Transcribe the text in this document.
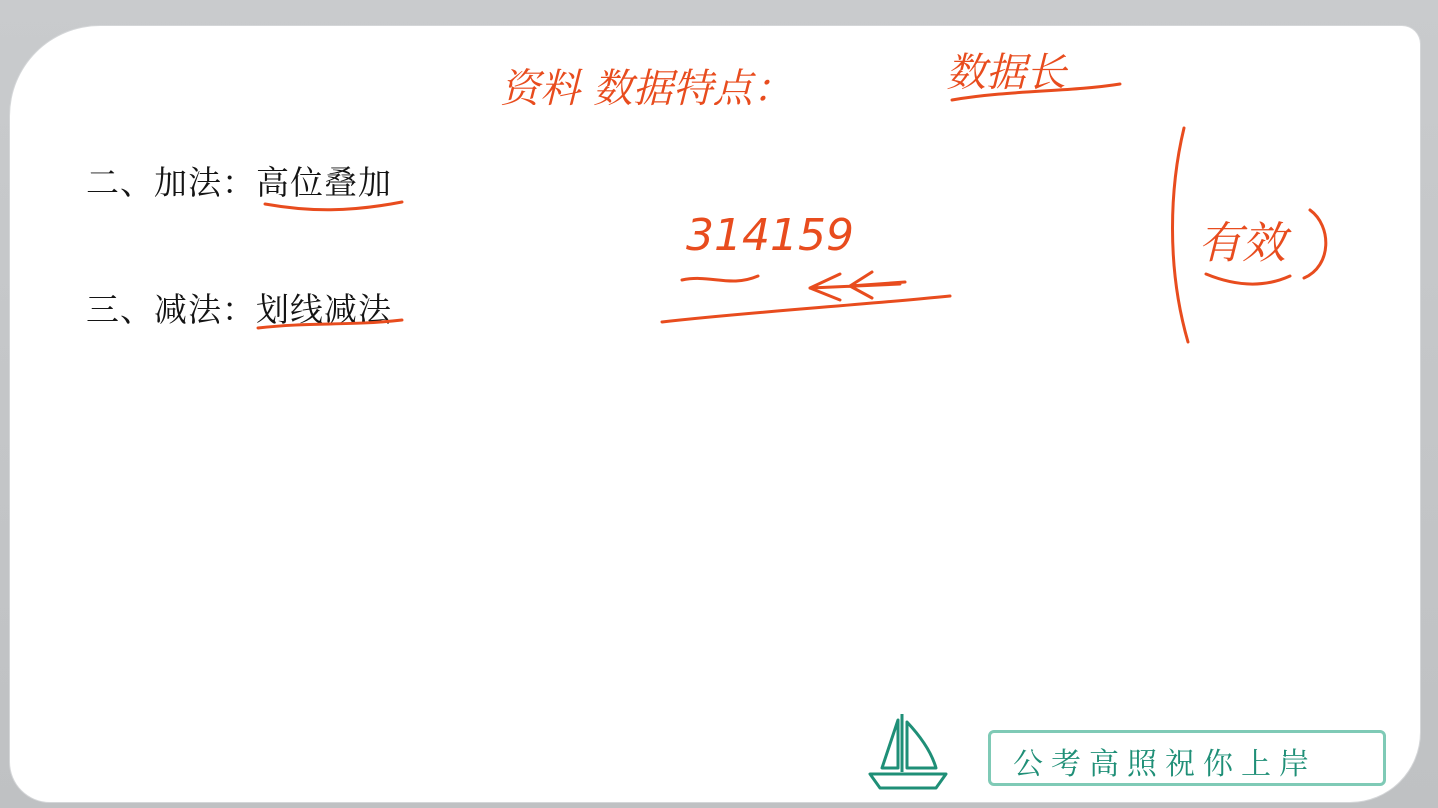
二、加法：高位叠加
三、减法：划线减法
资料 数据特点：	数据长
314159	有效
公考高照祝你上岸
